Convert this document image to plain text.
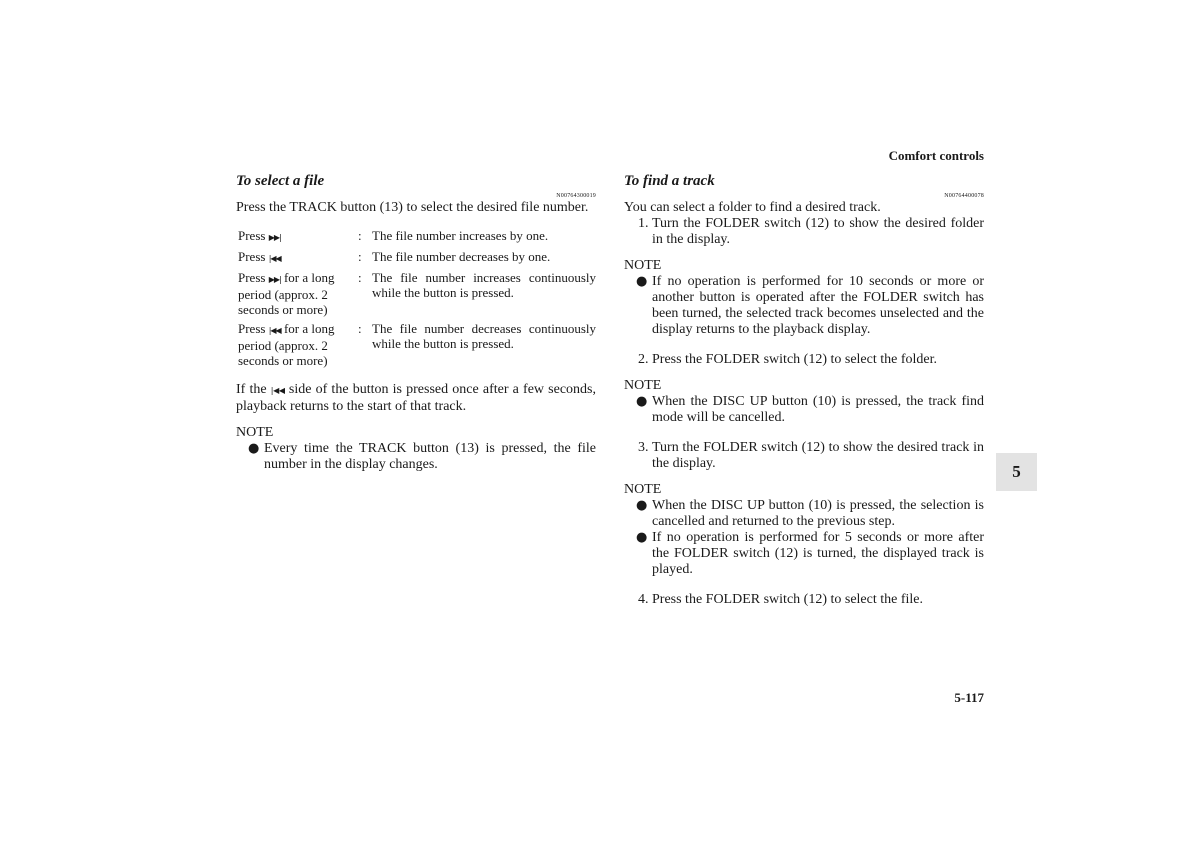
Comfort controls
To select a file
N00764300019

Press the TRACK button (13) to select the desired file number.

Press ▶▶|	:	The file number increases by one.
Press |◀◀	:	The file number decreases by one.
Press ▶▶| for a long period (approx. 2 seconds or more)	:	The file number increases continuously while the button is pressed.
Press |◀◀ for a long period (approx. 2 seconds or more)	:	The file number decreases continuously while the button is pressed.

If the |◀◀ side of the button is pressed once after a few seconds, playback returns to the start of that track.

NOTE

● Every time the TRACK button (13) is pressed, the file number in the display changes.

To find a track
N00764400078

You can select a folder to find a desired track.

1. Turn the FOLDER switch (12) to show the desired folder in the display.

NOTE

● If no operation is performed for 10 seconds or more or another button is operated after the FOLDER switch has been turned, the selected track becomes unselected and the display returns to the playback display.

2. Press the FOLDER switch (12) to select the folder.

NOTE

● When the DISC UP button (10) is pressed, the track find mode will be cancelled.

3. Turn the FOLDER switch (12) to show the desired track in the display.

NOTE

● When the DISC UP button (10) is pressed, the selection is cancelled and returned to the previous step.

● If no operation is performed for 5 seconds or more after the FOLDER switch (12) is turned, the displayed track is played.

4. Press the FOLDER switch (12) to select the file.

5
5-117
